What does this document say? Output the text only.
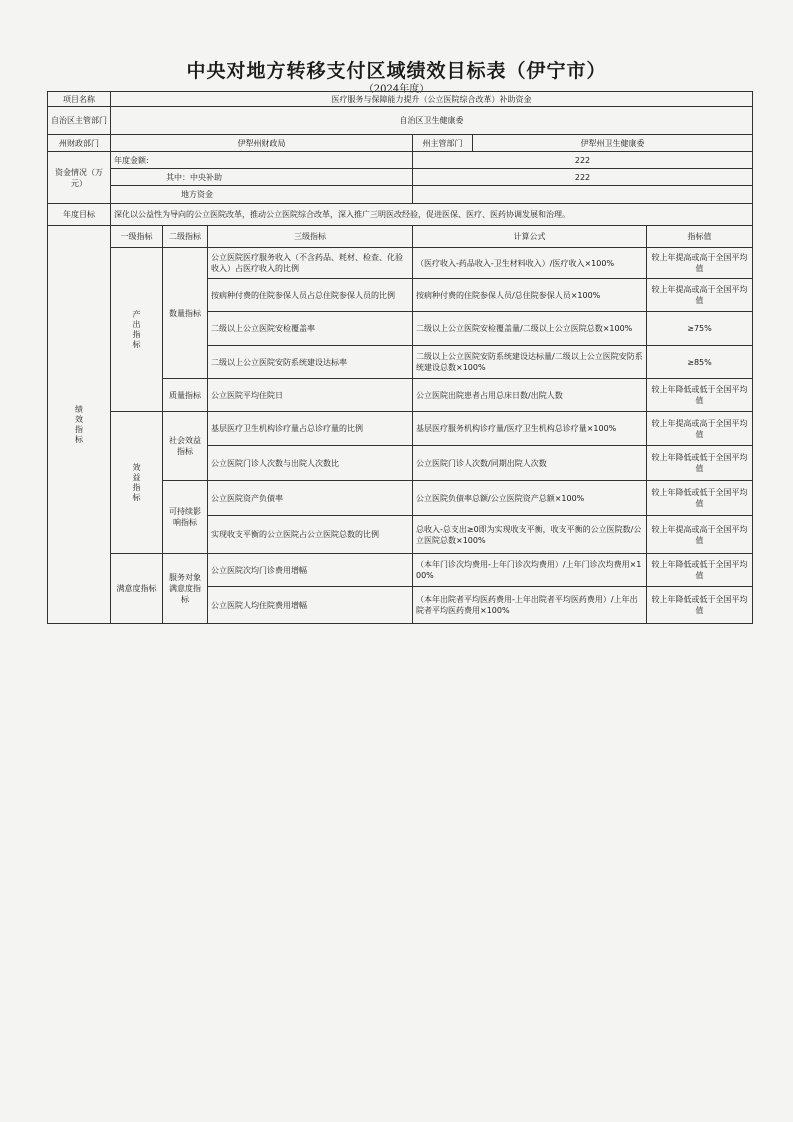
中央对地方转移支付区域绩效目标表（伊宁市）
（2024年度）
项目名称	医疗服务与保障能力提升（公立医院综合改革）补助资金					
自治区主管部门	自治区卫生健康委					
州财政部门	伊犁州财政局			州主管部门	伊犁州卫生健康委	
资金情况（万元）	年度金额:			222		
	其中：中央补助			222		
	地方资金					
年度目标	深化以公益性为导向的公立医院改革，推动公立医院综合改革，深入推广三明医改经验，促进医保、医疗、医药协调发展和治理。					

绩效指标	一级指标	二级指标	三级指标	计算公式		指标值

	产出指标	数量指标	公立医院医疗服务收入（不含药品、耗材、检查、化验收入）占医疗收入的比例	（医疗收入-药品收入-卫生材料收入）/医疗收入×100%		较上年提高或高于全国平均值
			按病种付费的住院参保人员占总住院参保人员的比例	按病种付费的住院参保人员/总住院参保人员×100%		较上年提高或高于全国平均值
			二级以上公立医院安检覆盖率	二级以上公立医院安检覆盖量/二级以上公立医院总数×100%		≥75%
			二级以上公立医院安防系统建设达标率	二级以上公立医院安防系统建设达标量/二级以上公立医院安防系统建设总数×100%		≥85%
		质量指标	公立医院平均住院日	公立医院出院患者占用总床日数/出院人数		较上年降低或低于全国平均值

	效益指标	社会效益指标	基层医疗卫生机构诊疗量占总诊疗量的比例	基层医疗服务机构诊疗量/医疗卫生机构总诊疗量×100%		较上年提高或高于全国平均值
			公立医院门诊人次数与出院人次数比	公立医院门诊人次数/同期出院人次数		较上年降低或低于全国平均值
		可持续影响指标	公立医院资产负债率	公立医院负债率总额/公立医院资产总额×100%		较上年降低或低于全国平均值
			实现收支平衡的公立医院占公立医院总数的比例	总收入-总支出≥0即为实现收支平衡，收支平衡的公立医院数/公立医院总数×100%		较上年提高或高于全国平均值
	满意度指标	服务对象满意度指标	公立医院次均门诊费用增幅	（本年门诊次均费用-上年门诊次均费用）/上年门诊次均费用×100%		较上年降低或低于全国平均值
			公立医院人均住院费用增幅	（本年出院者平均医药费用-上年出院者平均医药费用）/上年出院者平均医药费用×100%		较上年降低或低于全国平均值
